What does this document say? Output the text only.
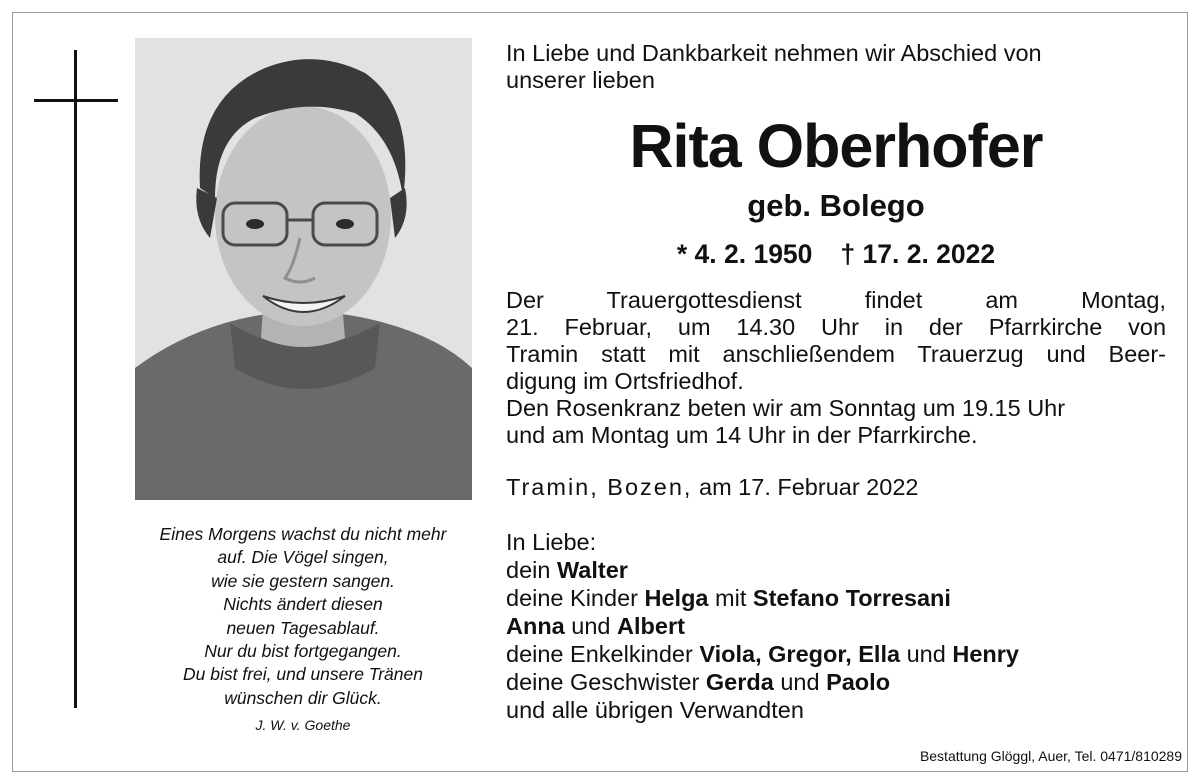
Eines Morgens wachst du nicht mehr
auf. Die Vögel singen,
wie sie gestern sangen.
Nichts ändert diesen
neuen Tagesablauf.
Nur du bist fortgegangen.
Du bist frei, und unsere Tränen
wünschen dir Glück.
J. W. v. Goethe
In Liebe und Dankbarkeit nehmen wir Abschied von
unserer lieben
Rita Oberhofer
geb. Bolego
* 4. 2. 1950 † 17. 2. 2022
Der	Trauergottesdienst	findet	am	Montag,
21. Februar, um 14.30 Uhr in der Pfarrkirche von
Tramin statt mit anschließendem Trauerzug und Beer-
digung im Ortsfriedhof.
Den Rosenkranz beten wir am Sonntag um 19.15 Uhr
und am Montag um 14 Uhr in der Pfarrkirche.
Tramin, Bozen, am 17. Februar 2022
In Liebe:
dein Walter
deine Kinder Helga mit Stefano Torresani
Anna und Albert
deine Enkelkinder Viola, Gregor, Ella und Henry
deine Geschwister Gerda und Paolo
und alle übrigen Verwandten
Bestattung Glöggl, Auer, Tel. 0471/810289
